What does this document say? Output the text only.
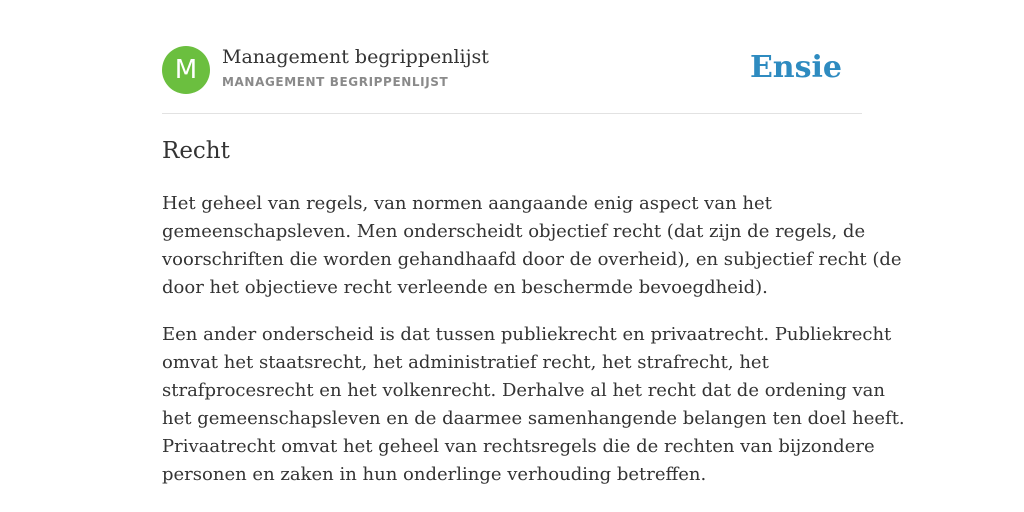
M	Management begrippenlijst
MANAGEMENT BEGRIPPENLIJST	Ensie
Recht

Het geheel van regels, van normen aangaande enig aspect van het
gemeenschapsleven. Men onderscheidt objectief recht (dat zijn de regels, de
voorschriften die worden gehandhaafd door de overheid), en subjectief recht (de
door het objectieve recht verleende en beschermde bevoegdheid).

Een ander onderscheid is dat tussen publiekrecht en privaatrecht. Publiekrecht
omvat het staatsrecht, het administratief recht, het strafrecht, het
strafprocesrecht en het volkenrecht. Derhalve al het recht dat de ordening van
het gemeenschapsleven en de daarmee samenhangende belangen ten doel heeft.
Privaatrecht omvat het geheel van rechtsregels die de rechten van bijzondere
personen en zaken in hun onderlinge verhouding betreffen.
